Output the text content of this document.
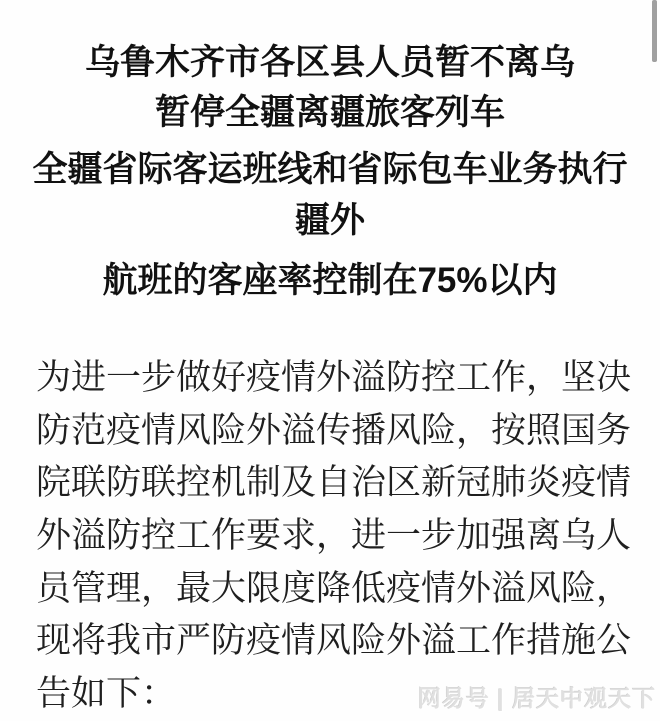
乌鲁木齐市各区县人员暂不离乌
暂停全疆离疆旅客列车
全疆省际客运班线和省际包车业务执行
疆外
航班的客座率控制在75%以内
为进一步做好疫情外溢防控工作，坚决
防范疫情风险外溢传播风险，按照国务
院联防联控机制及自治区新冠肺炎疫情
外溢防控工作要求，进一步加强离乌人
员管理，最大限度降低疫情外溢风险，
现将我市严防疫情风险外溢工作措施公
告如下：	网易号 | 居天中观天下
